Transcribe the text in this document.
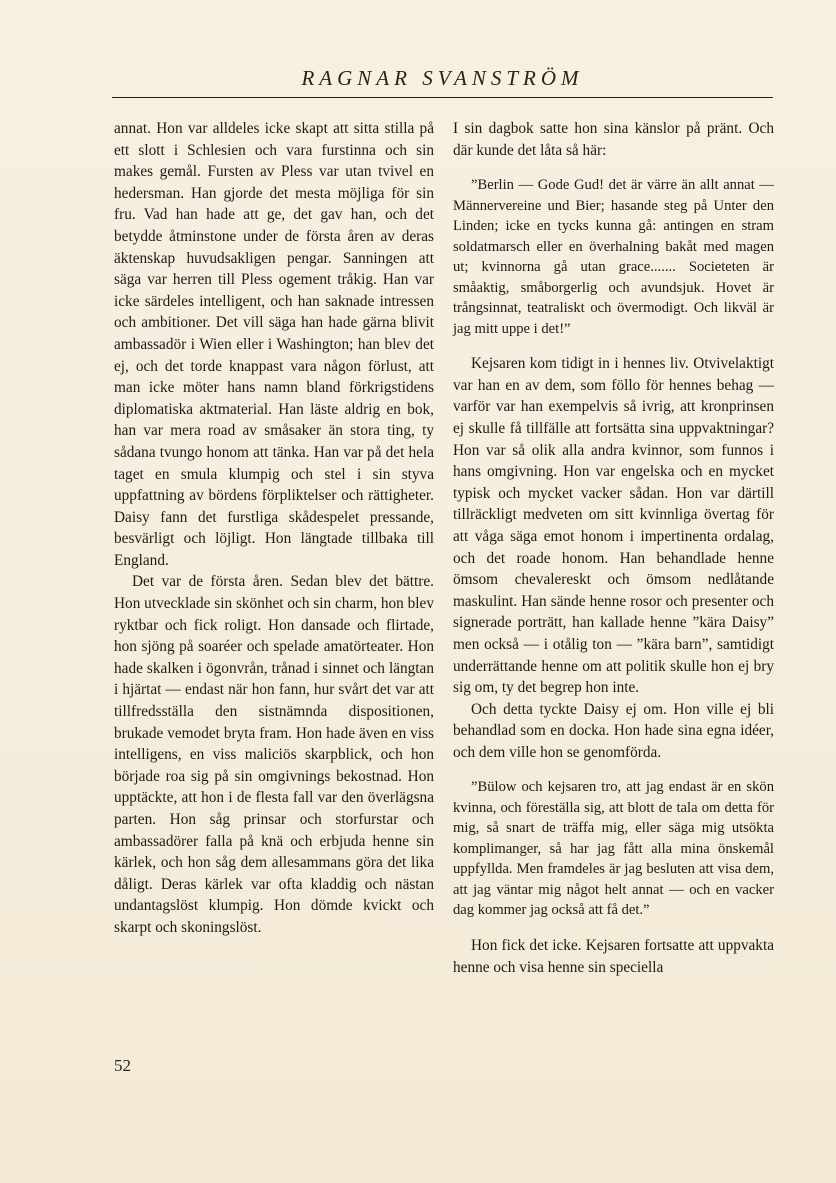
RAGNAR SVANSTRÖM

annat. Hon var alldeles icke skapt att sitta stilla på ett slott i Schlesien och vara furstinna och sin makes gemål. Fursten av Pless var utan tvivel en hedersman. Han gjorde det mesta möjliga för sin fru. Vad han hade att ge, det gav han, och det betydde åtminstone under de första åren av deras äktenskap huvudsakligen pengar. Sanningen att säga var herren till Pless ogement tråkig. Han var icke särdeles intelligent, och han saknade intressen och ambitioner. Det vill säga han hade gärna blivit ambassadör i Wien eller i Washington; han blev det ej, och det torde knappast vara någon förlust, att man icke möter hans namn bland förkrigstidens diplomatiska aktmaterial. Han läste aldrig en bok, han var mera road av småsaker än stora ting, ty sådana tvungo honom att tänka. Han var på det hela taget en smula klumpig och stel i sin styva uppfattning av bördens förpliktelser och rättigheter. Daisy fann det furstliga skådespelet pressande, besvärligt och löjligt. Hon längtade tillbaka till England.

Det var de första åren. Sedan blev det bättre. Hon utvecklade sin skönhet och sin charm, hon blev ryktbar och fick roligt. Hon dansade och flirtade, hon sjöng på soaréer och spelade amatörteater. Hon hade skalken i ögonvrån, trånad i sinnet och längtan i hjärtat — endast när hon fann, hur svårt det var att tillfredsställa den sistnämnda dispositionen, brukade vemodet bryta fram. Hon hade även en viss intelligens, en viss maliciös skarpblick, och hon började roa sig på sin omgivnings bekostnad. Hon upptäckte, att hon i de flesta fall var den överlägsna parten. Hon såg prinsar och storfurstar och ambassadörer falla på knä och erbjuda henne sin kärlek, och hon såg dem allesammans göra det lika dåligt. Deras kärlek var ofta kladdig och nästan undantagslöst klumpig. Hon dömde kvickt och skarpt och skoningslöst.

I sin dagbok satte hon sina känslor på pränt. Och där kunde det låta så här:

”Berlin — Gode Gud! det är värre än allt annat — Männervereine und Bier; hasande steg på Unter den Linden; icke en tycks kunna gå: antingen en stram soldatmarsch eller en överhalning bakåt med magen ut; kvinnorna gå utan grace....... Societeten är småaktig, småborgerlig och avundsjuk. Hovet är trångsinnat, teatraliskt och övermodigt. Och likväl är jag mitt uppe i det!”

Kejsaren kom tidigt in i hennes liv. Otvivelaktigt var han en av dem, som föllo för hennes behag — varför var han exempelvis så ivrig, att kronprinsen ej skulle få tillfälle att fortsätta sina uppvaktningar? Hon var så olik alla andra kvinnor, som funnos i hans omgivning. Hon var engelska och en mycket typisk och mycket vacker sådan. Hon var därtill tillräckligt medveten om sitt kvinnliga övertag för att våga säga emot honom i impertinenta ordalag, och det roade honom. Han behandlade henne ömsom chevalereskt och ömsom nedlåtande maskulint. Han sände henne rosor och presenter och signerade porträtt, han kallade henne ”kära Daisy” men också — i otålig ton — ”kära barn”, samtidigt underrättande henne om att politik skulle hon ej bry sig om, ty det begrep hon inte.

Och detta tyckte Daisy ej om. Hon ville ej bli behandlad som en docka. Hon hade sina egna idéer, och dem ville hon se genomförda.

”Bülow och kejsaren tro, att jag endast är en skön kvinna, och föreställa sig, att blott de tala om detta för mig, så snart de träffa mig, eller säga mig utsökta komplimanger, så har jag fått alla mina önskemål uppfyllda. Men framdeles är jag besluten att visa dem, att jag väntar mig något helt annat — och en vacker dag kommer jag också att få det.”

Hon fick det icke. Kejsaren fortsatte att uppvakta henne och visa henne sin speciella

52
